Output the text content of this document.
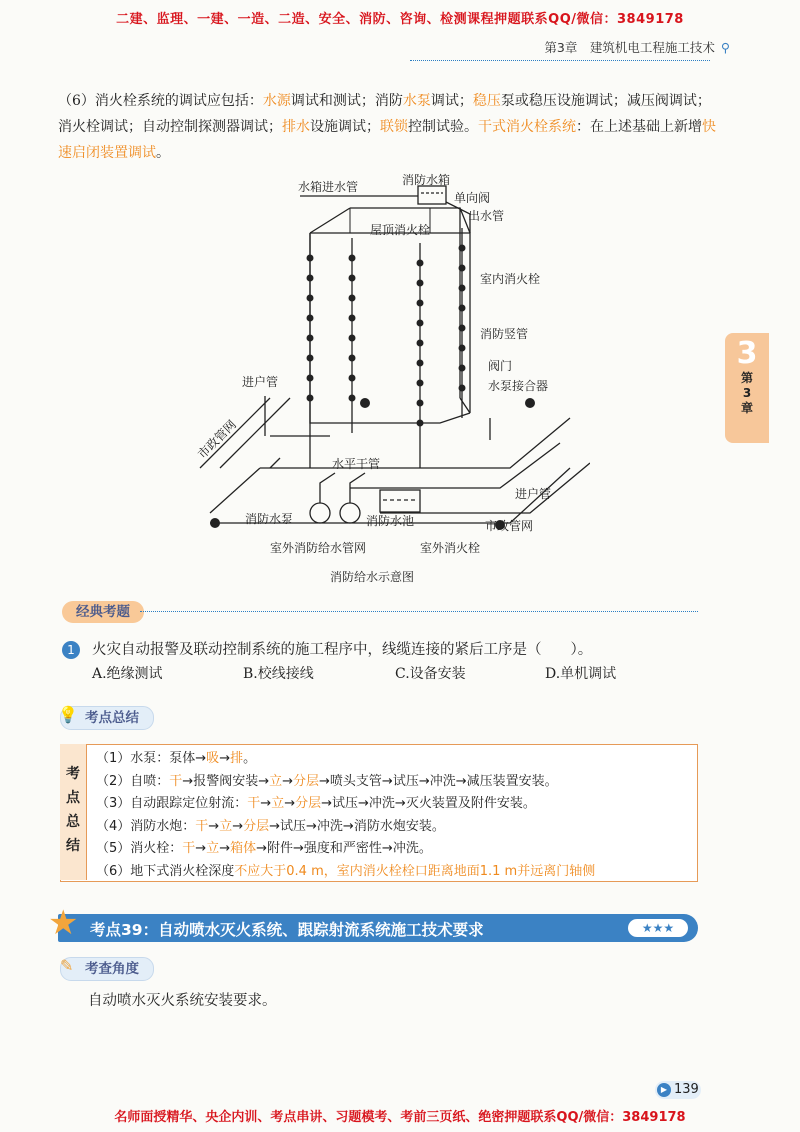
二建、监理、一建、一造、二造、安全、消防、咨询、检测课程押题联系QQ/微信：3849178
第3章　建筑机电工程施工技术 ⚲
（6）消火栓系统的调试应包括：水源调试和测试；消防水泵调试；稳压泵或稳压设施调试；减压阀调试；消火栓调试；自动控制探测器调试；排水设施调试；联锁控制试验。干式消火栓系统：在上述基础上新增快速启闭装置调试。
3
第
3
章
水箱进水管	消防水箱
单向阀
出水管
屋顶消火栓
室内消火栓
消防竖管
阀门
水泵接合器
进户管
市政管网
水平干管
消防水泵	消防水池
进户管
市政管网
室外消防给水管网	室外消火栓
消防给水示意图
经典考题
1	火灾自动报警及联动控制系统的施工程序中，线缆连接的紧后工序是（　　）。
A.绝缘测试	B.校线接线	C.设备安装	D.单机调试
考点总结
💡
考
点
总
结
（1）水泵：泵体→吸→排。
（2）自喷：干→报警阀安装→立→分层→喷头支管→试压→冲洗→减压装置安装。
（3）自动跟踪定位射流：干→立→分层→试压→冲洗→灭火装置及附件安装。
（4）消防水炮：干→立→分层→试压→冲洗→消防水炮安装。
（5）消火栓：干→立→箱体→附件→强度和严密性→冲洗。
（6）地下式消火栓深度不应大于0.4 m，室内消火栓栓口距离地面1.1 m并远离门轴侧
★ 考点39：自动喷水灭火系统、跟踪射流系统施工技术要求	★★★
考查角度
✎
自动喷水灭火系统安装要求。
▶ 139
名师面授精华、央企内训、考点串讲、习题模考、考前三页纸、绝密押题联系QQ/微信：3849178
